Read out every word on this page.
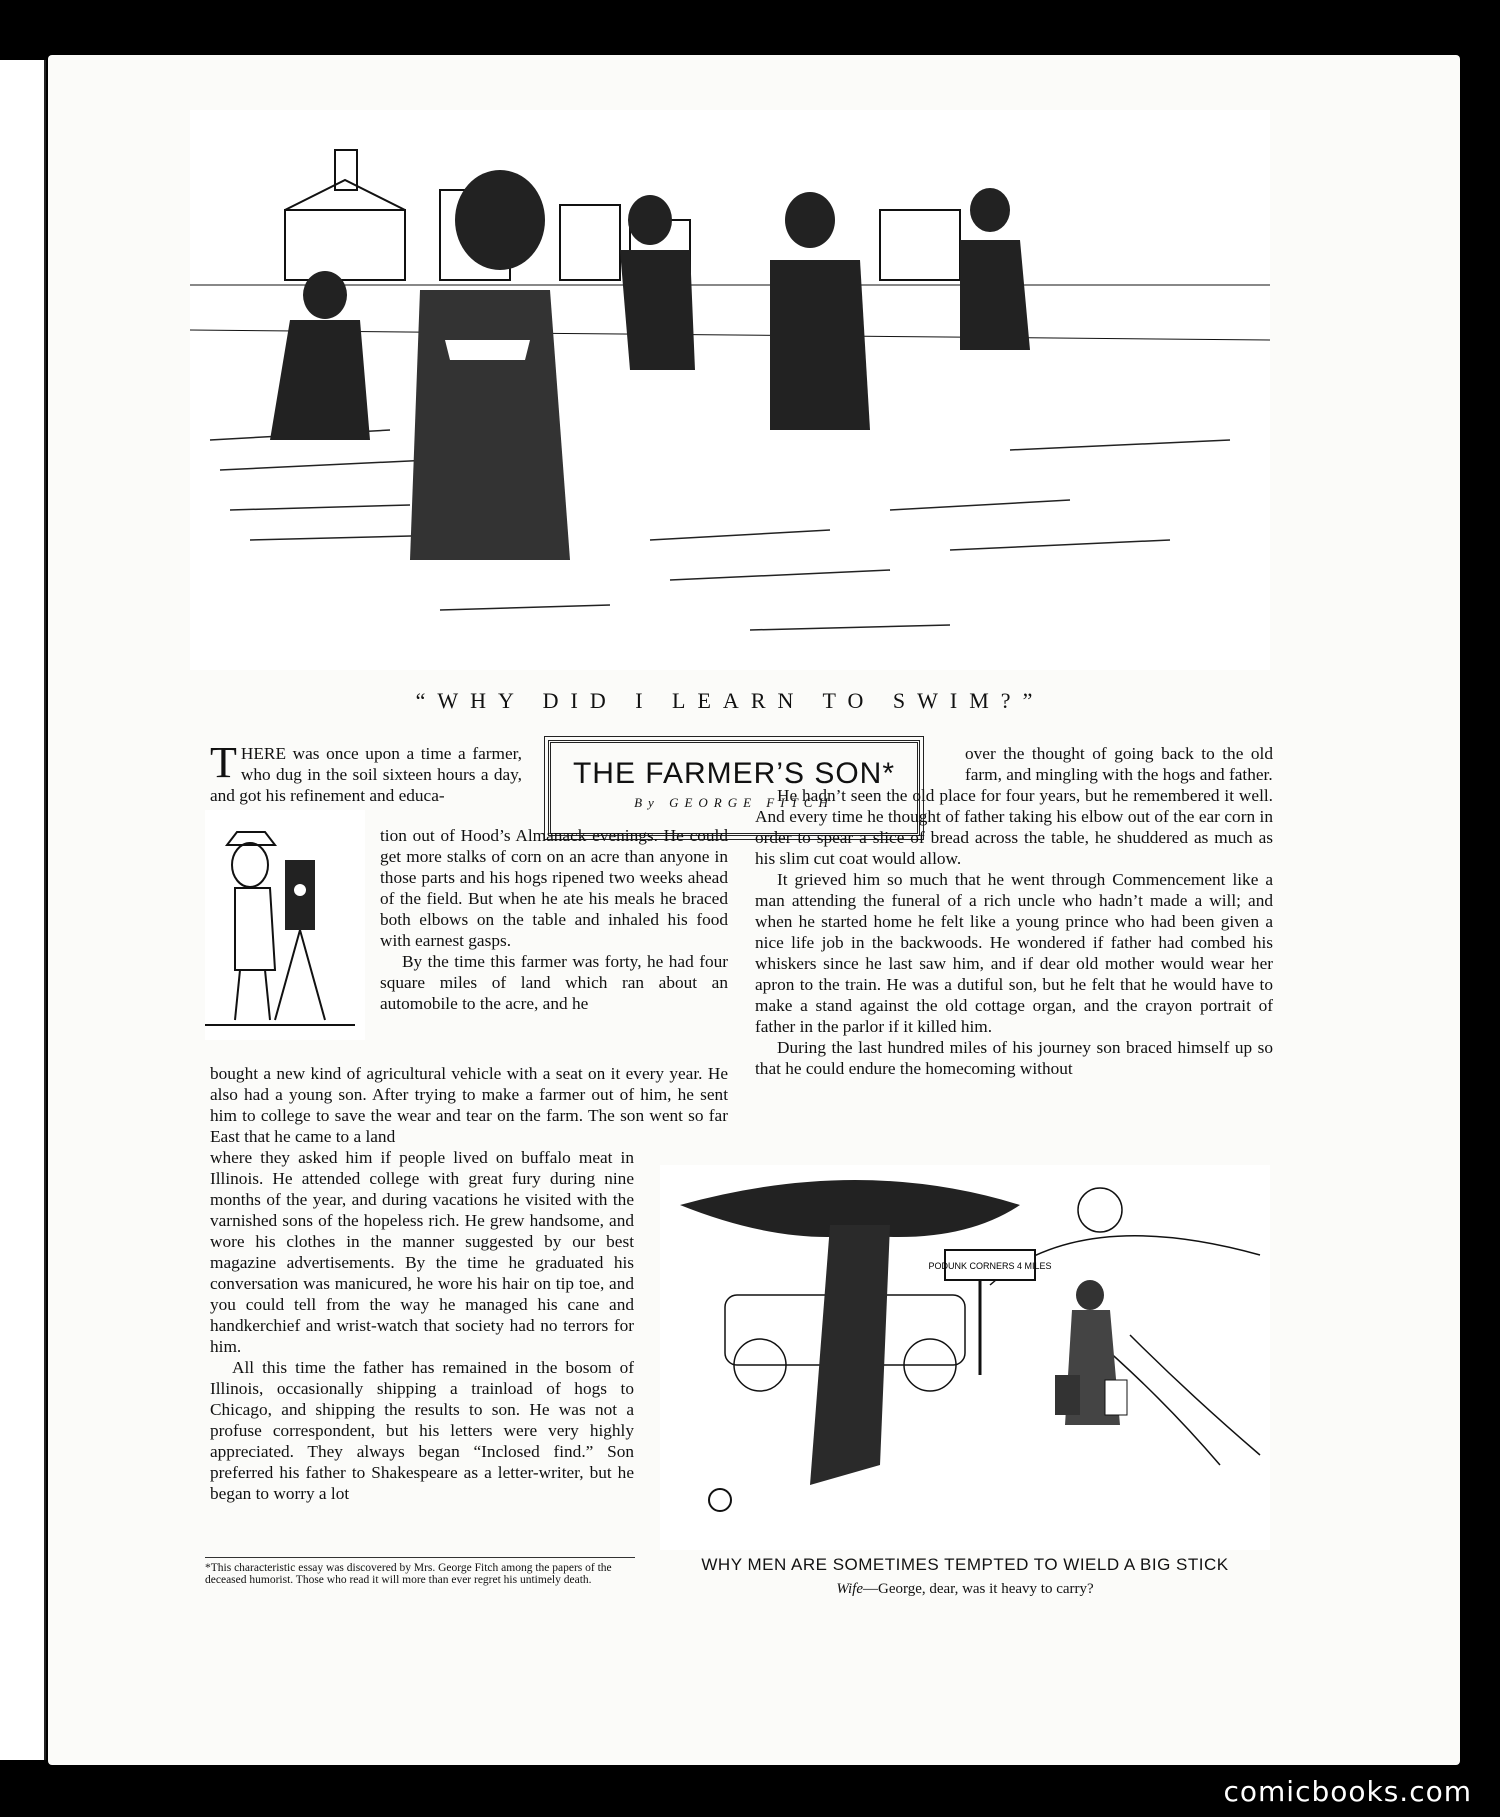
“WHY DID I LEARN TO SWIM?”
THE FARMER’S SON*
By GEORGE FITCH

THERE was once upon a time a farmer, who dug in the soil sixteen hours a day, and got his refinement and educa-

tion out of Hood’s Almanack evenings. He could get more stalks of corn on an acre than anyone in those parts and his hogs ripened two weeks ahead of the field. But when he ate his meals he braced both elbows on the table and inhaled his food with earnest gasps.

By the time this farmer was forty, he had four square miles of land which ran about an automobile to the acre, and he

bought a new kind of agricultural vehicle with a seat on it every year. He also had a young son. After trying to make a farmer out of him, he sent him to college to save the wear and tear on the farm. The son went so far East that he came to a land

where they asked him if people lived on buffalo meat in Illinois. He attended college with great fury during nine months of the year, and during vacations he visited with the varnished sons of the hopeless rich. He grew handsome, and wore his clothes in the manner suggested by our best magazine advertisements. By the time he graduated his conversation was manicured, he wore his hair on tip toe, and you could tell from the way he managed his cane and handkerchief and wrist-watch that society had no terrors for him.

All this time the father has remained in the bosom of Illinois, occasionally shipping a trainload of hogs to Chicago, and shipping the results to son. He was not a profuse correspondent, but his letters were very highly appreciated. They always began “Inclosed find.” Son preferred his father to Shakespeare as a letter-writer, but he began to worry a lot

over the thought of going back to the old farm, and mingling with the hogs and father.

He hadn’t seen the old place for four years, but he remembered it well. And every time he thought of father taking his elbow out of the ear corn in order to spear a slice of bread across the table, he shuddered as much as his slim cut coat would allow.

It grieved him so much that he went through Commencement like a man attending the funeral of a rich uncle who hadn’t made a will; and when he started home he felt like a young prince who had been given a nice life job in the backwoods. He wondered if father had combed his whiskers since he last saw him, and if dear old mother would wear her apron to the train. He was a dutiful son, but he felt that he would have to make a stand against the old cottage organ, and the crayon portrait of father in the parlor if it killed him.

During the last hundred miles of his journey son braced himself up so that he could endure the homecoming without

PODUNK CORNERS 4 MILES
*This characteristic essay was discovered by Mrs. George Fitch among the papers of the deceased humorist. Those who read it will more than ever regret his untimely death.
WHY MEN ARE SOMETIMES TEMPTED TO WIELD A BIG STICK
Wife—George, dear, was it heavy to carry?
comicbooks.com
